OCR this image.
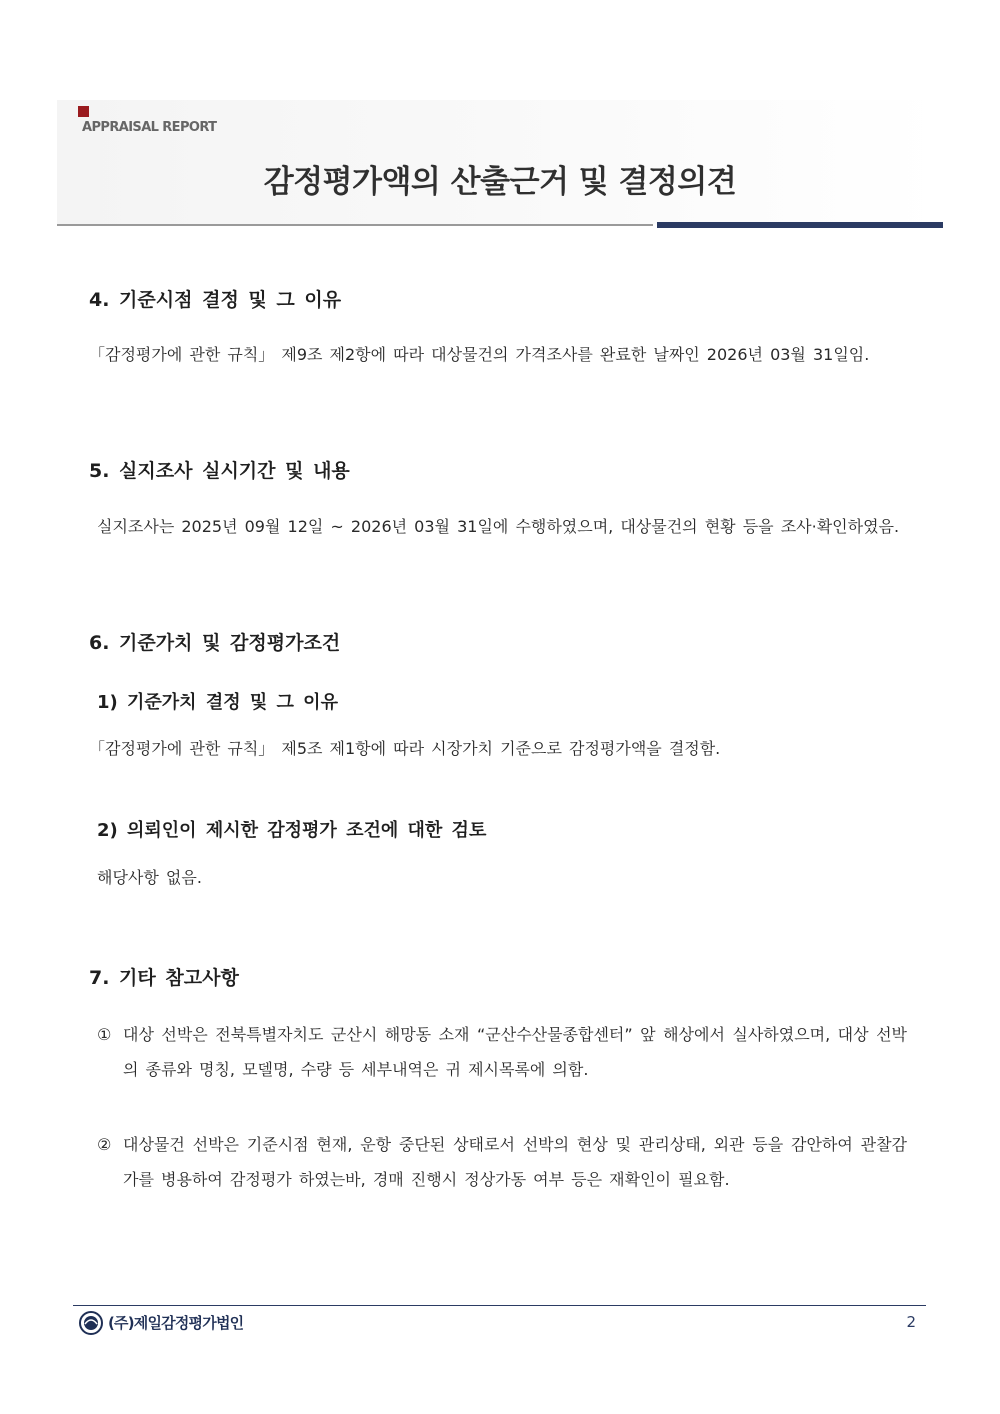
APPRAISAL REPORT
감정평가액의 산출근거 및 결정의견
4. 기준시점 결정 및 그 이유

「감정평가에 관한 규칙」 제9조 제2항에 따라 대상물건의 가격조사를 완료한 날짜인 2026년 03월 31일임.

5. 실지조사 실시기간 및 내용

실지조사는 2025년 09월 12일 ~ 2026년 03월 31일에 수행하였으며, 대상물건의 현황 등을 조사·확인하였음.

6. 기준가치 및 감정평가조건
1) 기준가치 결정 및 그 이유

「감정평가에 관한 규칙」 제5조 제1항에 따라 시장가치 기준으로 감정평가액을 결정함.

2) 의뢰인이 제시한 감정평가 조건에 대한 검토

해당사항 없음.

7. 기타 참고사항
① 대상 선박은 전북특별자치도 군산시 해망동 소재 “군산수산물종합센터” 앞 해상에서 실사하였으며, 대상 선박의 종류와 명칭, 모델명, 수량 등 세부내역은 귀 제시목록에 의함.
② 대상물건 선박은 기준시점 현재, 운항 중단된 상태로서 선박의 현상 및 관리상태, 외관 등을 감안하여 관찰감가를 병용하여 감정평가 하였는바, 경매 진행시 정상가동 여부 등은 재확인이 필요함.
(주)제일감정평가법인	2
